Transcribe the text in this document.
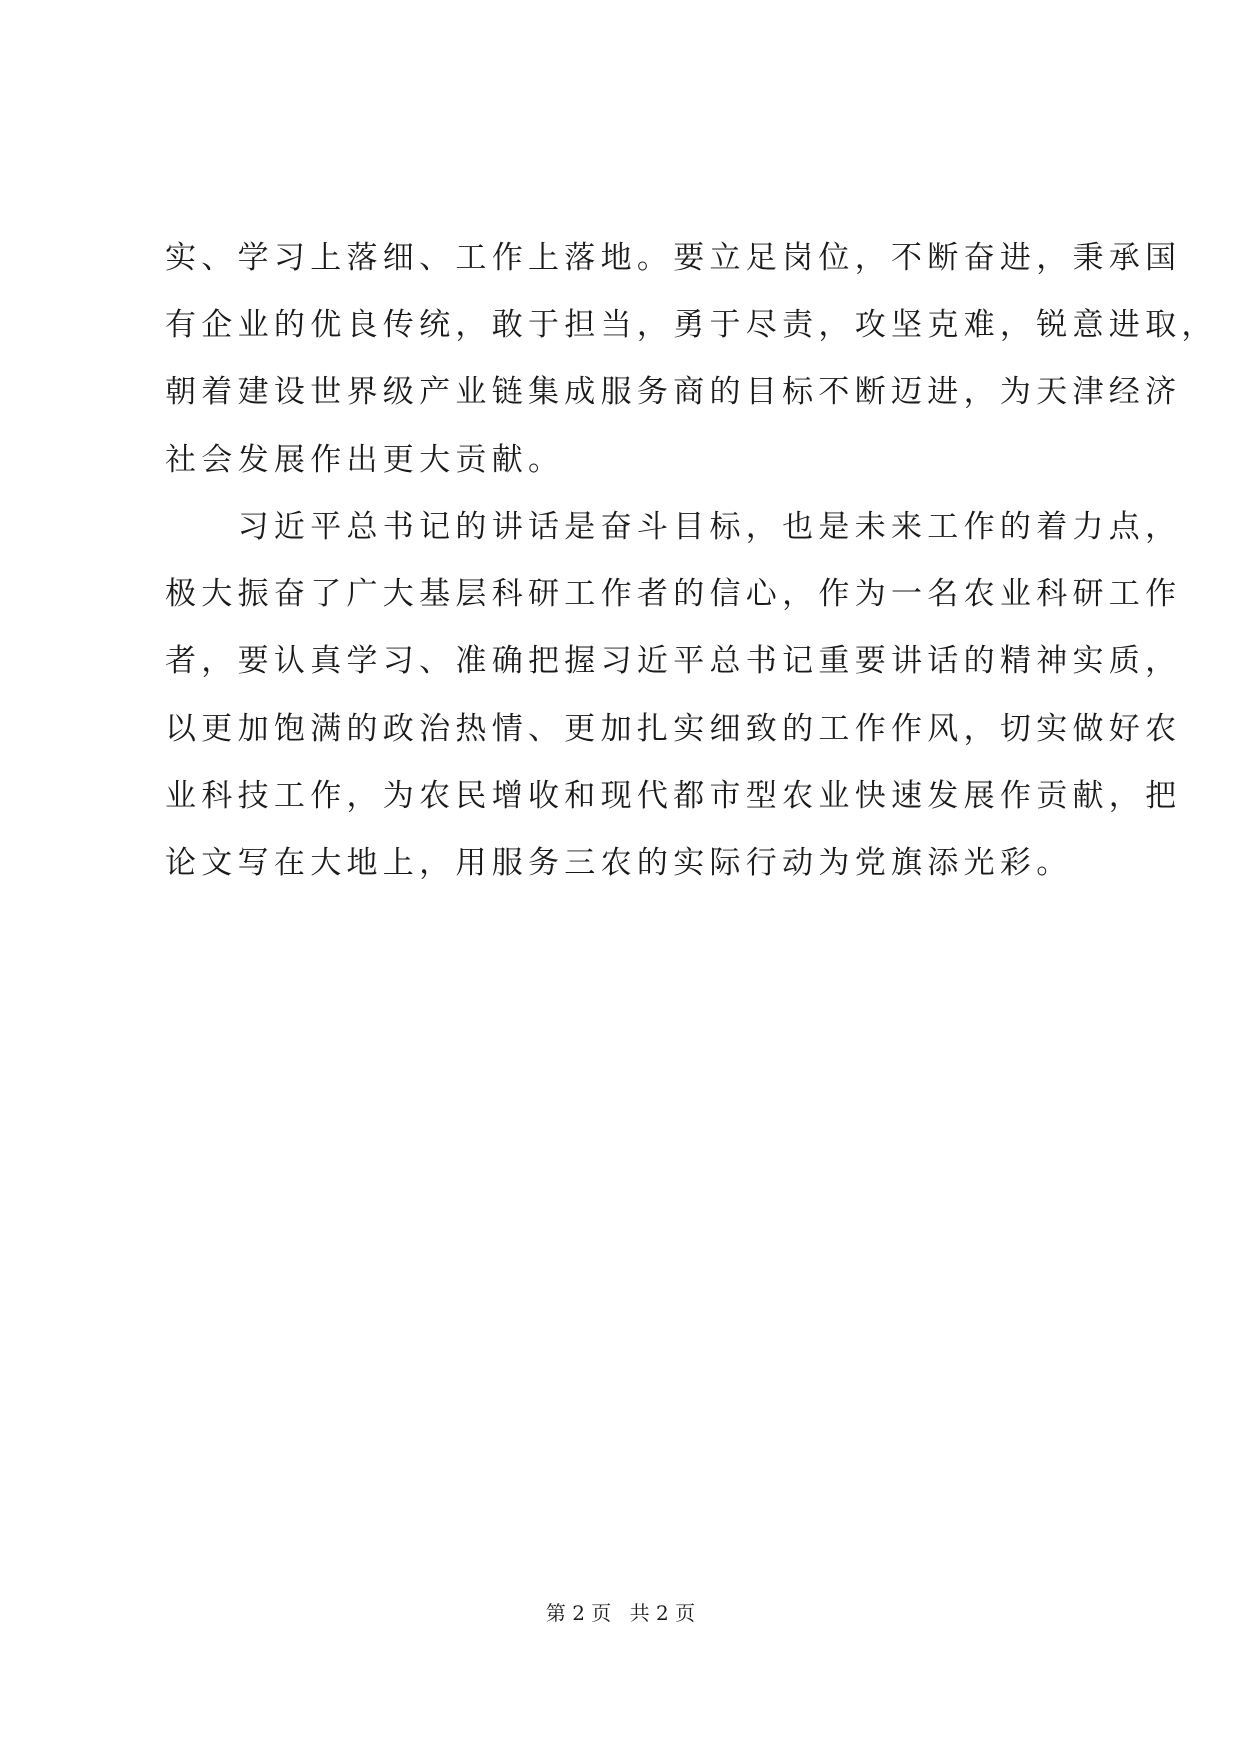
实、学习上落细、工作上落地。要立足岗位，不断奋进，秉承国
有企业的优良传统，敢于担当，勇于尽责，攻坚克难，锐意进取，
朝着建设世界级产业链集成服务商的目标不断迈进，为天津经济
社会发展作出更大贡献。
　　习近平总书记的讲话是奋斗目标，也是未来工作的着力点，
极大振奋了广大基层科研工作者的信心，作为一名农业科研工作
者，要认真学习、准确把握习近平总书记重要讲话的精神实质，
以更加饱满的政治热情、更加扎实细致的工作作风，切实做好农
业科技工作，为农民增收和现代都市型农业快速发展作贡献，把
论文写在大地上，用服务三农的实际行动为党旗添光彩。
第 2 页 共 2 页
